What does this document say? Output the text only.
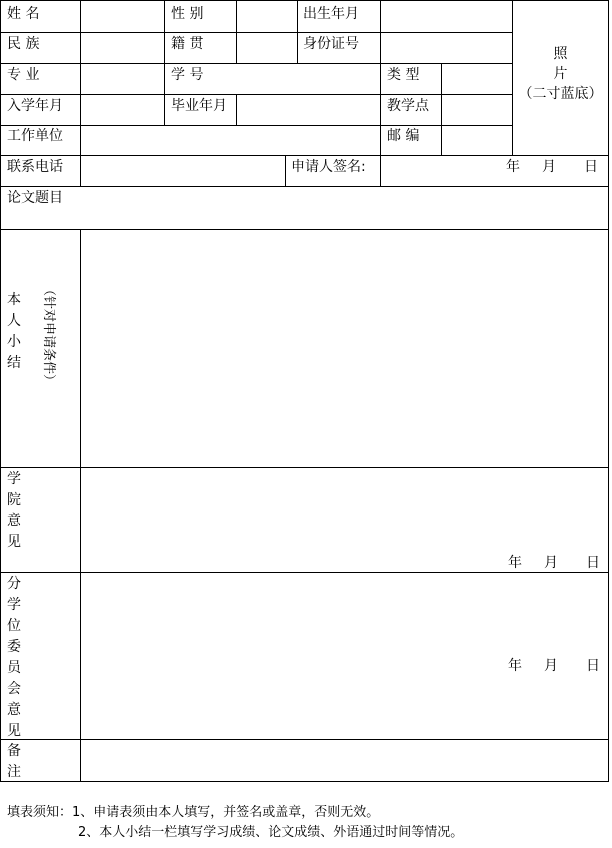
姓 名	性 别	出生年月
民 族	籍 贯	身份证号
专 业	学 号	类 型
入学年月	毕业年月	教学点
工作单位	邮 编
照
片
（二寸蓝底）
联系电话	申请人签名:	年 月 日
论文题目
本人小结 （针对申请条件）
学院意见
年 月 日
分学位委员会意见
年 月 日
备注
填表须知：1、申请表须由本人填写，并签名或盖章，否则无效。
2、本人小结一栏填写学习成绩、论文成绩、外语通过时间等情况。
